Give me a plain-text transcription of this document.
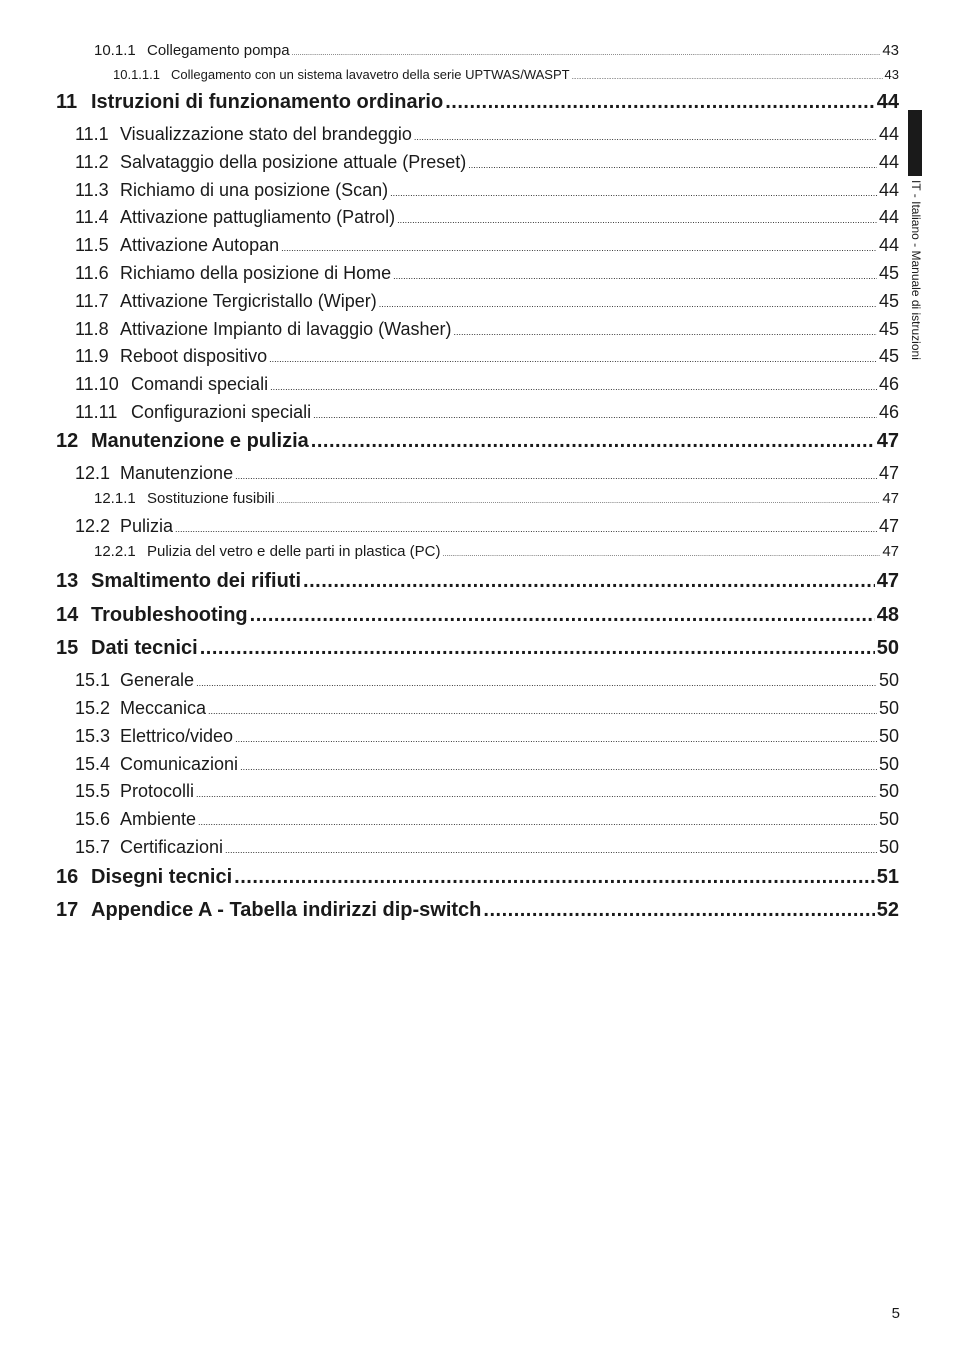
IT - Italiano - Manuale di istruzioni
10.1.1 Collegamento pompa .....	43
10.1.1.1 Collegamento con un sistema lavavetro della serie UPTWAS/WASPT .....	43
11 Istruzioni di funzionamento ordinario .....	44
11.1 Visualizzazione stato del brandeggio .....	44
11.2 Salvataggio della posizione attuale (Preset) .....	44
11.3 Richiamo di una posizione (Scan) .....	44
11.4 Attivazione pattugliamento (Patrol) .....	44
11.5 Attivazione Autopan .....	44
11.6 Richiamo della posizione di Home .....	45
11.7 Attivazione Tergicristallo (Wiper) .....	45
11.8 Attivazione Impianto di lavaggio (Washer) .....	45
11.9 Reboot dispositivo .....	45
11.10 Comandi speciali .....	46
11.11 Configurazioni speciali .....	46
12 Manutenzione e pulizia .....	47
12.1 Manutenzione .....	47
12.1.1 Sostituzione fusibili .....	47
12.2 Pulizia .....	47
12.2.1 Pulizia del vetro e delle parti in plastica (PC) .....	47
13 Smaltimento dei rifiuti .....	47
14 Troubleshooting .....	48
15 Dati tecnici .....	50
15.1 Generale .....	50
15.2 Meccanica .....	50
15.3 Elettrico/video .....	50
15.4 Comunicazioni .....	50
15.5 Protocolli .....	50
15.6 Ambiente .....	50
15.7 Certificazioni .....	50
16 Disegni tecnici .....	51
17 Appendice A - Tabella indirizzi dip-switch .....	52
5
